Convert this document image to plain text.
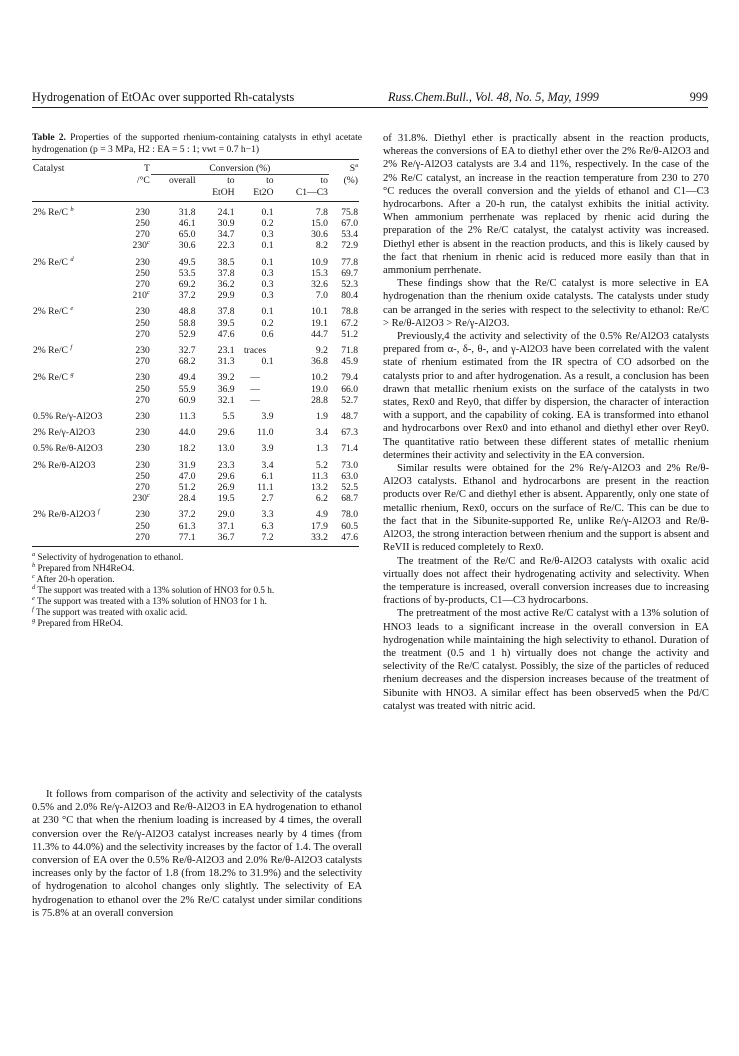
Hydrogenation of EtOAc over supported Rh-catalysts	Russ.Chem.Bull., Vol. 48, No. 5, May, 1999	999
Table 2. Properties of the supported rhenium-containing catalysts in ethyl acetate hydrogenation (p = 3 MPa, H2 : EA = 5 : 1; vwt = 0.7 h−1)
Catalyst	T	Conversion (%)				$S^a$
	/°C	overall	to	to	to	(%)
			EtOH	Et2O	C1—C3	
2% Re/C $^b$	230	31.8	24.1	0.1	7.8	75.8
	250	46.1	30.9	0.2	15.0	67.0
	270	65.0	34.7	0.3	30.6	53.4
	230$^c$	30.6	22.3	0.1	8.2	72.9
2% Re/C $^d$	230	49.5	38.5	0.1	10.9	77.8
	250	53.5	37.8	0.3	15.3	69.7
	270	69.2	36.2	0.3	32.6	52.3
	210$^c$	37.2	29.9	0.3	7.0	80.4
2% Re/C $^e$	230	48.8	37.8	0.1	10.1	78.8
	250	58.8	39.5	0.2	19.1	67.2
	270	52.9	47.6	0.6	44.7	51.2
2% Re/C $^f$	230	32.7	23.1	traces	9.2	71.8
	270	68.2	31.3	0.1	36.8	45.9
2% Re/C $^g$	230	49.4	39.2	—	10.2	79.4
	250	55.9	36.9	—	19.0	66.0
	270	60.9	32.1	—	28.8	52.7
0.5% Re/γ-Al2O3	230	11.3	5.5	3.9	1.9	48.7
2% Re/γ-Al2O3	230	44.0	29.6	11.0	3.4	67.3
0.5% Re/θ-Al2O3	230	18.2	13.0	3.9	1.3	71.4
2% Re/θ-Al2O3	230	31.9	23.3	3.4	5.2	73.0
	250	47.0	29.6	6.1	11.3	63.0
	270	51.2	26.9	11.1	13.2	52.5
	230$^c$	28.4	19.5	2.7	6.2	68.7
2% Re/θ-Al2O3 $^f$	230	37.2	29.0	3.3	4.9	78.0
	250	61.3	37.1	6.3	17.9	60.5
	270	77.1	36.7	7.2	33.2	47.6
$^a$ Selectivity of hydrogenation to ethanol.
$^b$ Prepared from NH4ReO4.
$^c$ After 20-h operation.
$^d$ The support was treated with a 13% solution of HNO3 for 0.5 h.
$^e$ The support was treated with a 13% solution of HNO3 for 1 h.
$^f$ The support was treated with oxalic acid.
$^g$ Prepared from HReO4.

It follows from comparison of the activity and selectivity of the catalysts 0.5% and 2.0% Re/γ-Al2O3 and Re/θ-Al2O3 in EA hydrogenation to ethanol at 230 °C that when the rhenium loading is increased by 4 times, the overall conversion over the Re/γ-Al2O3 catalyst increases nearly by 4 times (from 11.3% to 44.0%) and the selectivity increases by the factor of 1.4. The overall conversion of EA over the 0.5% Re/θ-Al2O3 and 2.0% Re/θ-Al2O3 catalysts increases only by the factor of 1.8 (from 18.2% to 31.9%) and the selectivity of hydrogenation to alcohol changes only slightly. The selectivity of EA hydrogenation to ethanol over the 2% Re/C catalyst under similar conditions is 75.8% at an overall conversion

of 31.8%. Diethyl ether is practically absent in the reaction products, whereas the conversions of EA to diethyl ether over the 2% Re/θ-Al2O3 and 2% Re/γ-Al2O3 catalysts are 3.4 and 11%, respectively. In the case of the 2% Re/C catalyst, an increase in the reaction temperature from 230 to 270 °C reduces the overall conversion and the yields of ethanol and C1—C3 hydrocarbons. After a 20-h run, the catalyst exhibits the initial activity. When ammonium perrhenate was replaced by rhenic acid during the preparation of the 2% Re/C catalyst, the catalyst activity was increased. Diethyl ether is absent in the reaction products, and this is likely caused by the fact that rhenium in rhenic acid is reduced more easily than that in ammonium perrhenate.

These findings show that the Re/C catalyst is more selective in EA hydrogenation than the rhenium oxide catalysts. The catalysts under study can be arranged in the series with respect to the selectivity to ethanol: Re/C > Re/θ-Al2O3 > Re/γ-Al2O3.

Previously,4 the activity and selectivity of the 0.5% Re/Al2O3 catalysts prepared from α-, δ-, θ-, and γ-Al2O3 have been correlated with the valent state of rhenium estimated from the IR spectra of CO adsorbed on the catalysts prior to and after hydrogenation. As a result, a conclusion has been drawn that metallic rhenium exists on the surface of the catalysts in two states, Rex0 and Rey0, that differ by dispersion, the character of interaction with a support, and the capability of coking. EA is transformed into ethanol and hydrocarbons over Rex0 and into ethanol and diethyl ether over Rey0. The quantitative ratio between these different states of metallic rhenium determines their activity and selectivity in the EA conversion.

Similar results were obtained for the 2% Re/γ-Al2O3 and 2% Re/θ-Al2O3 catalysts. Ethanol and hydrocarbons are present in the reaction products over Re/C and diethyl ether is absent. Apparently, only one state of metallic rhenium, Rex0, occurs on the surface of Re/C. This can be due to the fact that in the Sibunite-supported Re, unlike Re/γ-Al2O3 and Re/θ-Al2O3, the strong interaction between rhenium and the support is absent and ReVII is reduced completely to Rex0.

The treatment of the Re/C and Re/θ-Al2O3 catalysts with oxalic acid virtually does not affect their hydrogenating activity and selectivity. When the temperature is increased, overall conversion increases due to increasing fractions of by-products, C1—C3 hydrocarbons.

The pretreatment of the most active Re/C catalyst with a 13% solution of HNO3 leads to a significant increase in the overall conversion in EA hydrogenation while maintaining the high selectivity to ethanol. Duration of the treatment (0.5 and 1 h) virtually does not change the activity and selectivity of the Re/C catalyst. Possibly, the size of the particles of reduced rhenium decreases and the dispersion increases because of the treatment of Sibunite with HNO3. A similar effect has been observed5 when the Pd/C catalyst was treated with nitric acid.
